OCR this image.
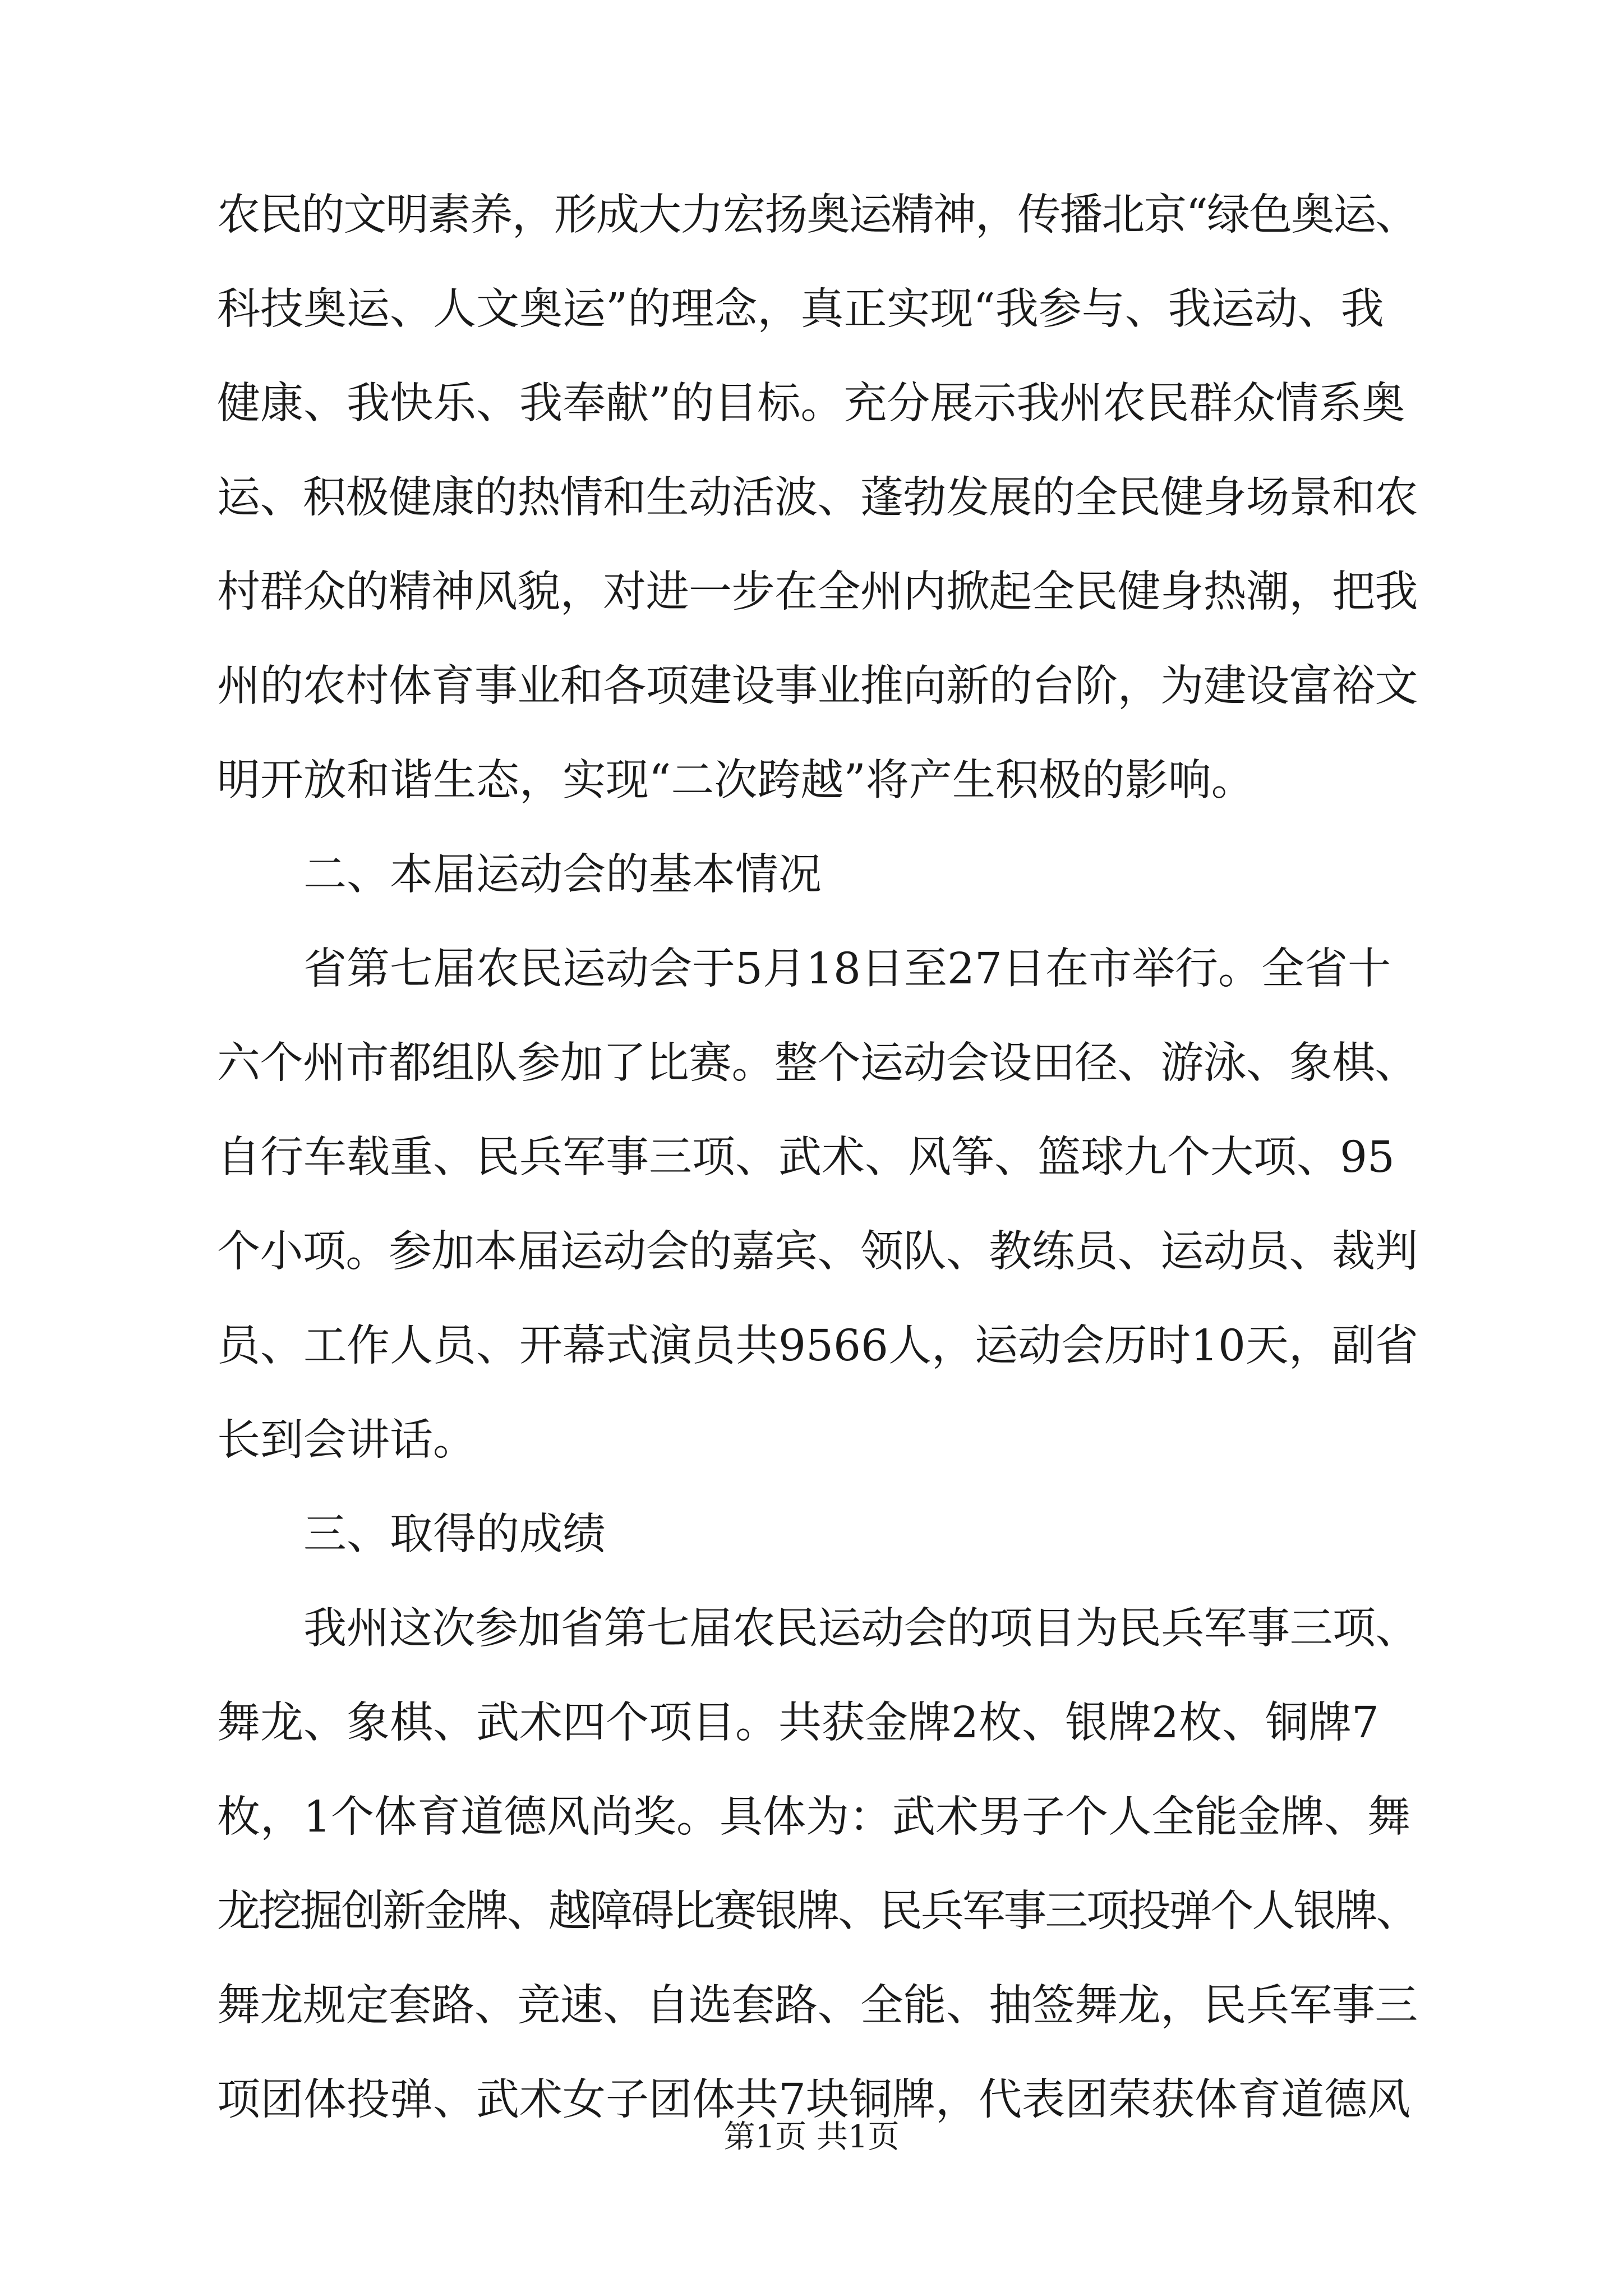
农民的文明素养，形成大力宏扬奥运精神，传播北京“绿色奥运、
科技奥运、人文奥运”的理念，真正实现“我参与、我运动、我
健康、我快乐、我奉献”的目标。充分展示我州农民群众情系奥
运、积极健康的热情和生动活波、蓬勃发展的全民健身场景和农
村群众的精神风貌，对进一步在全州内掀起全民健身热潮，把我
州的农村体育事业和各项建设事业推向新的台阶，为建设富裕文
明开放和谐生态，实现“二次跨越”将产生积极的影响。
二、本届运动会的基本情况
省第七届农民运动会于5月18日至27日在市举行。全省十
六个州市都组队参加了比赛。整个运动会设田径、游泳、象棋、
自行车载重、民兵军事三项、武术、风筝、篮球九个大项、95
个小项。参加本届运动会的嘉宾、领队、教练员、运动员、裁判
员、工作人员、开幕式演员共9566人，运动会历时10天，副省
长到会讲话。
三、取得的成绩
我州这次参加省第七届农民运动会的项目为民兵军事三项、
舞龙、象棋、武术四个项目。共获金牌2枚、银牌2枚、铜牌7
枚，1个体育道德风尚奖。具体为：武术男子个人全能金牌、舞
龙挖掘创新金牌、越障碍比赛银牌、民兵军事三项投弹个人银牌、
舞龙规定套路、竞速、自选套路、全能、抽签舞龙，民兵军事三
项团体投弹、武术女子团体共7块铜牌，代表团荣获体育道德风
第1页 共1页
